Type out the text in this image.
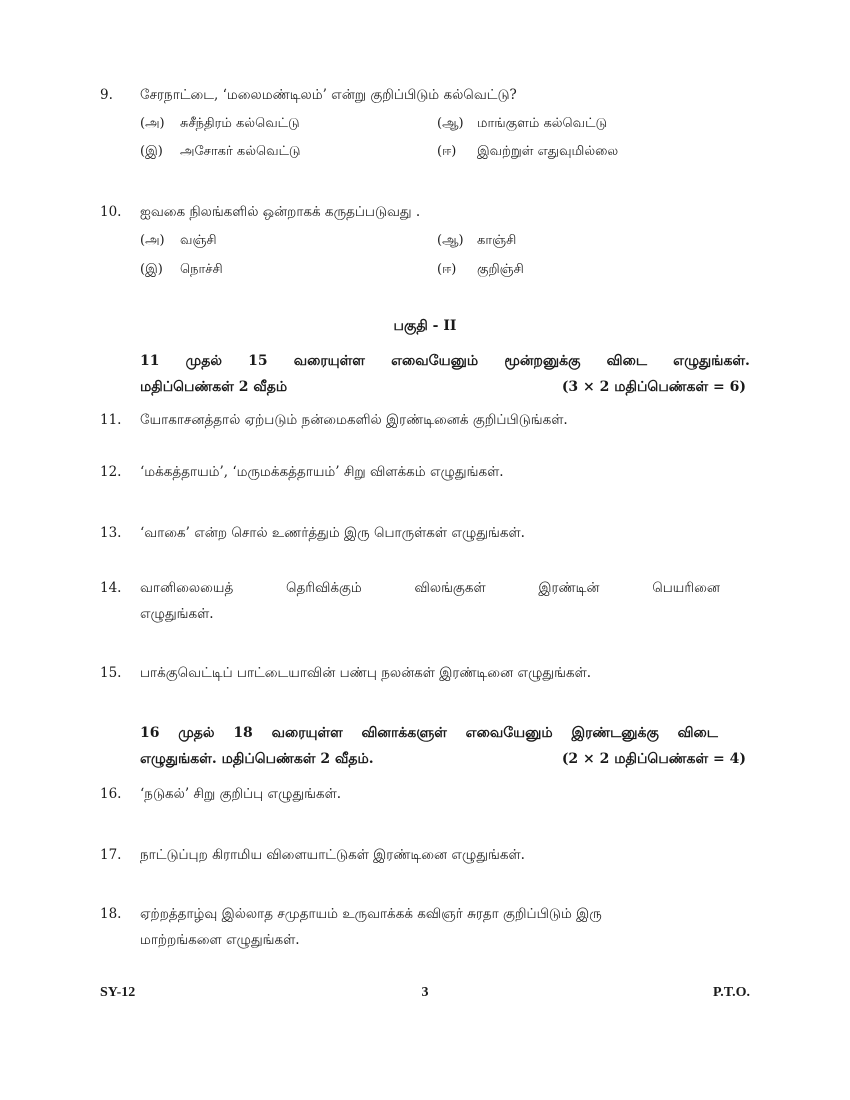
9.	சேரநாட்டை, ‘மலைமண்டிலம்’ என்று குறிப்பிடும் கல்வெட்டு?
(அ) சுசீந்திரம் கல்வெட்டு	(ஆ) மாங்குளம் கல்வெட்டு
(இ) அசோகர் கல்வெட்டு	(ஈ) இவற்றுள் எதுவுமில்லை
10.	ஐவகை நிலங்களில் ஒன்றாகக் கருதப்படுவது .
(அ) வஞ்சி	(ஆ) காஞ்சி
(இ) நொச்சி	(ஈ) குறிஞ்சி
பகுதி - II
11 முதல் 15 வரையுள்ள எவையேனும் மூன்றனுக்கு விடை எழுதுங்கள்.
மதிப்பெண்கள் 2 வீதம்	(3 × 2 மதிப்பெண்கள் = 6)
11.	யோகாசனத்தால் ஏற்படும் நன்மைகளில் இரண்டினைக் குறிப்பிடுங்கள்.
12.	‘மக்கத்தாயம்’, ‘மருமக்கத்தாயம்’ சிறு விளக்கம் எழுதுங்கள்.
13.	‘வாகை’ என்ற சொல் உணர்த்தும் இரு பொருள்கள் எழுதுங்கள்.
14.	வானிலையைத்	தெரிவிக்கும்	விலங்குகள்	இரண்டின்	பெயரினை
எழுதுங்கள்.
15.	பாக்குவெட்டிப் பாட்டையாவின் பண்பு நலன்கள் இரண்டினை எழுதுங்கள்.
16 முதல் 18 வரையுள்ள வினாக்களுள் எவையேனும் இரண்டனுக்கு விடை
எழுதுங்கள். மதிப்பெண்கள் 2 வீதம்.	(2 × 2 மதிப்பெண்கள் = 4)
16.	‘நடுகல்’ சிறு குறிப்பு எழுதுங்கள்.
17.	நாட்டுப்புற கிராமிய விளையாட்டுகள் இரண்டினை எழுதுங்கள்.
18.	ஏற்றத்தாழ்வு இல்லாத சமுதாயம் உருவாக்கக் கவிஞர் சுரதா குறிப்பிடும் இரு
மாற்றங்களை எழுதுங்கள்.
SY-12	3	P.T.O.
